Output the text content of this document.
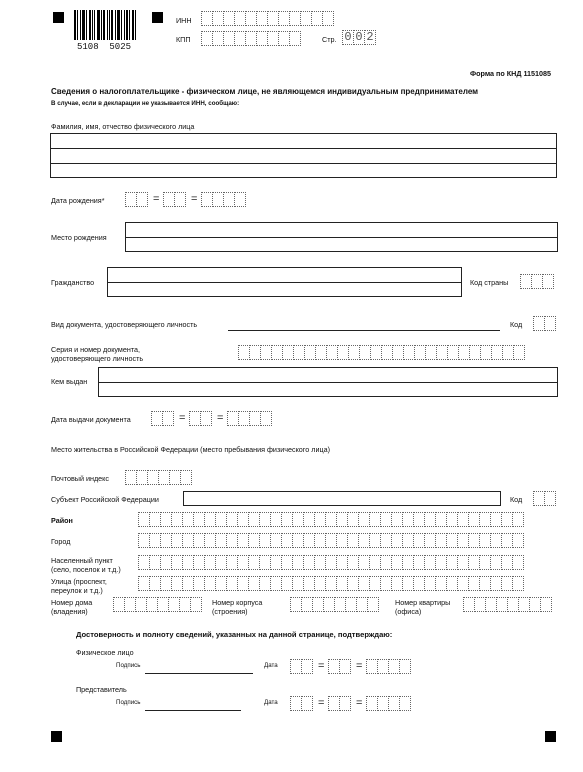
5108  5025
ИНН
КПП	Стр. 0 0 2
Форма по КНД 1151085
Сведения о налогоплательщике - физическом лице, не являющемся индивидуальным предпринимателем
В случае, если в декларации не указывается ИНН, сообщаю:
Фамилия, имя, отчество физического лица
Дата рождения*	=	=
Место рождения
Гражданство	Код страны
Вид документа, удостоверяющего личность	Код
Серия и номер документа,
удостоверяющего личность
Кем выдан
Дата выдачи документа	=	=
Место жительства в Российской Федерации (место пребывания физического лица)
Почтовый индекс
Субъект Российской Федерации	Код
Район
Город
Населенный пункт
(село, поселок и т.д.)
Улица (проспект,
переулок и т.д.)
Номер дома
(владения)
Номер корпуса
(строения)
Номер квартиры
(офиса)
Достоверность и полноту сведений, указанных на данной странице, подтверждаю:
Физическое лицо
Подпись	Дата	=	=
Представитель
Подпись	Дата	=	=
